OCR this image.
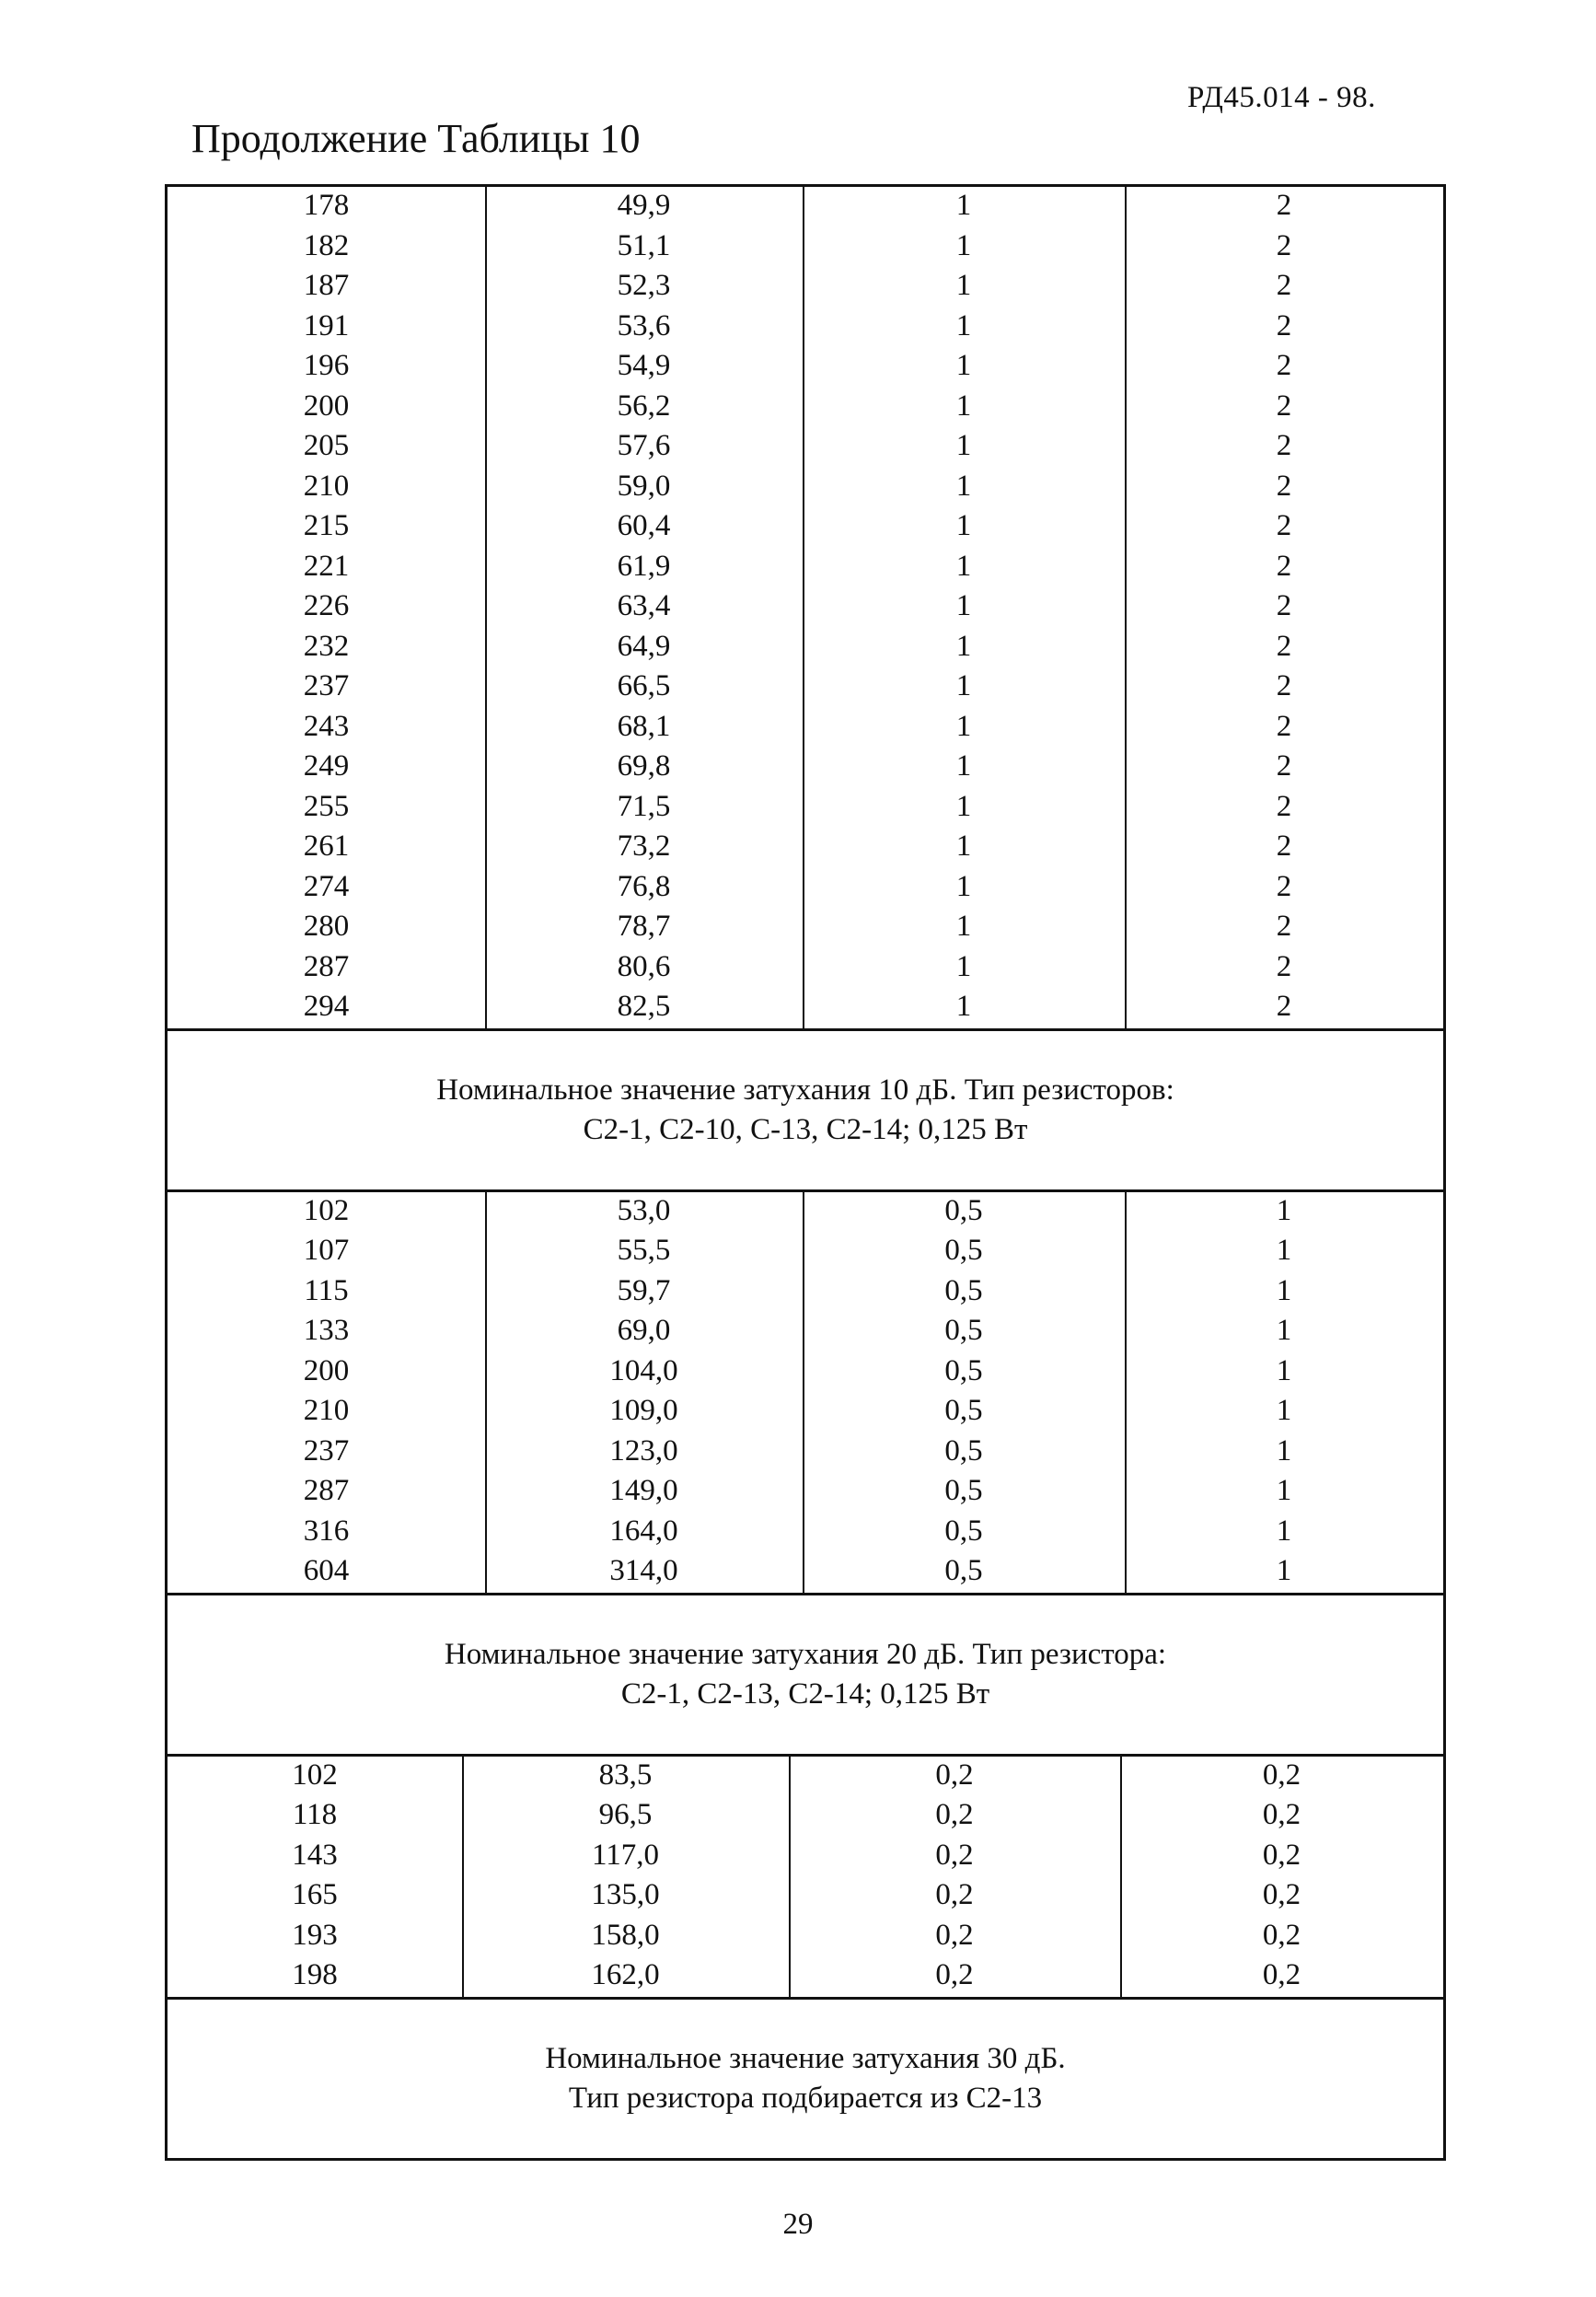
РД45.014 - 98.
Продолжение Таблицы 10
178	49,9	1	2
182	51,1	1	2
187	52,3	1	2
191	53,6	1	2
196	54,9	1	2
200	56,2	1	2
205	57,6	1	2
210	59,0	1	2
215	60,4	1	2
221	61,9	1	2
226	63,4	1	2
232	64,9	1	2
237	66,5	1	2
243	68,1	1	2
249	69,8	1	2
255	71,5	1	2
261	73,2	1	2
274	76,8	1	2
280	78,7	1	2
287	80,6	1	2
294	82,5	1	2
Номинальное значение затухания 10 дБ. Тип резисторов:
С2-1, С2-10, С-13, С2-14; 0,125 Вт
102	53,0	0,5	1
107	55,5	0,5	1
115	59,7	0,5	1
133	69,0	0,5	1
200	104,0	0,5	1
210	109,0	0,5	1
237	123,0	0,5	1
287	149,0	0,5	1
316	164,0	0,5	1
604	314,0	0,5	1
Номинальное значение затухания 20 дБ. Тип резистора:
С2-1, С2-13, С2-14; 0,125 Вт
102	83,5	0,2	0,2
118	96,5	0,2	0,2
143	117,0	0,2	0,2
165	135,0	0,2	0,2
193	158,0	0,2	0,2
198	162,0	0,2	0,2
Номинальное значение затухания 30 дБ.
Тип резистора подбирается из С2-13
29
